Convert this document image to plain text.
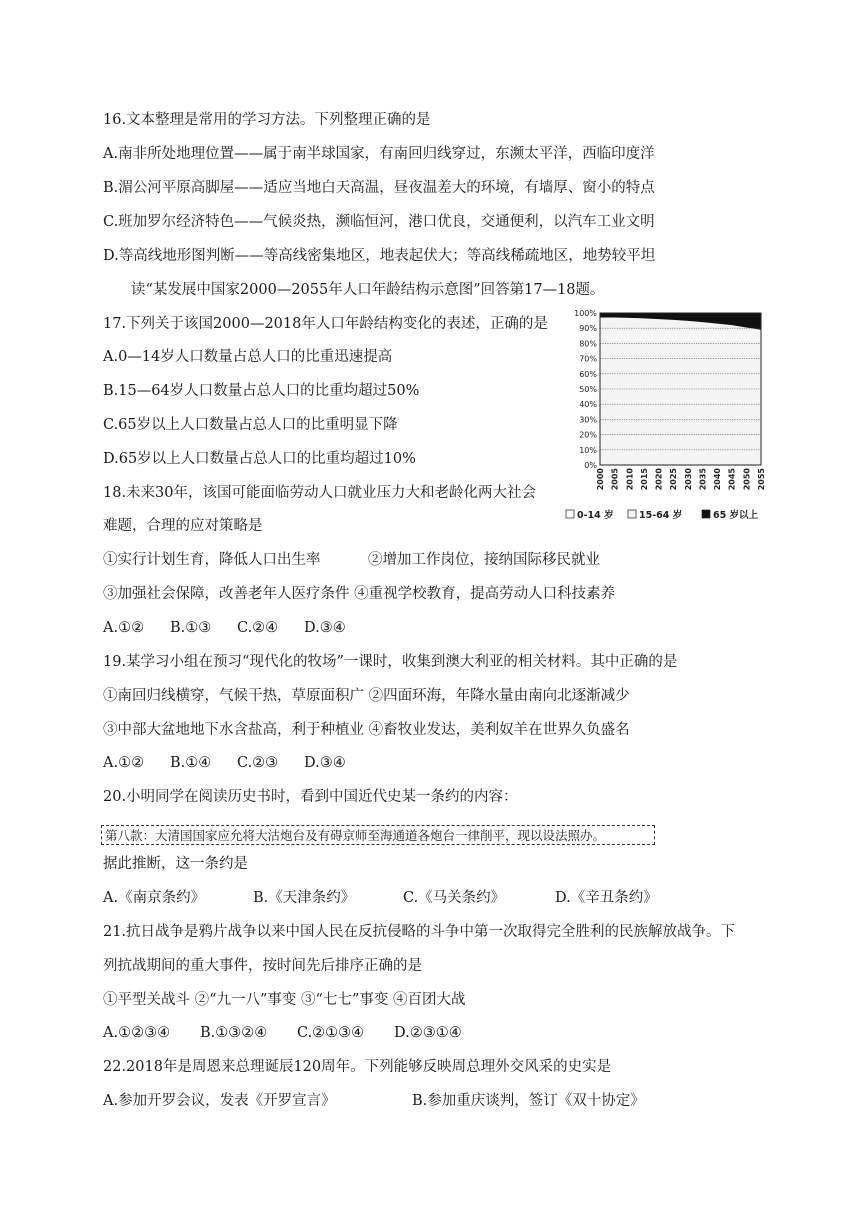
16.文本整理是常用的学习方法。下列整理正确的是
A.南非所处地理位置——属于南半球国家，有南回归线穿过，东濒太平洋，西临印度洋
B.湄公河平原高脚屋——适应当地白天高温，昼夜温差大的环境，有墙厚、窗小的特点
C.班加罗尔经济特色——气候炎热，濒临恒河，港口优良，交通便利，以汽车工业文明
D.等高线地形图判断——等高线密集地区，地表起伏大；等高线稀疏地区，地势较平坦
读“某发展中国家2000—2055年人口年龄结构示意图”回答第17—18题。
17.下列关于该国2000—2018年人口年龄结构变化的表述，正确的是
A.0—14岁人口数量占总人口的比重迅速提高
B.15—64岁人口数量占总人口的比重均超过50%
C.65岁以上人口数量占总人口的比重明显下降
D.65岁以上人口数量占总人口的比重均超过10%
18.未来30年，该国可能面临劳动人口就业压力大和老龄化两大社会
难题，合理的应对策略是
①实行计划生育，降低人口出生率	②增加工作岗位，接纳国际移民就业
③加强社会保障，改善老年人医疗条件 ④重视学校教育，提高劳动人口科技素养
A.①② B.①③ C.②④ D.③④
19.某学习小组在预习“现代化的牧场”一课时，收集到澳大利亚的相关材料。其中正确的是
①南回归线横穿，气候干热，草原面积广 ②四面环海，年降水量由南向北逐渐减少
③中部大盆地地下水含盐高，利于种植业 ④畜牧业发达，美利奴羊在世界久负盛名
A.①② B.①④ C.②③ D.③④
20.小明同学在阅读历史书时，看到中国近代史某一条约的内容：
第八款：大清国国家应允将大沽炮台及有碍京师至海通道各炮台一律削平，现以设法照办。
据此推断，这一条约是
A.《南京条约》	B.《天津条约》	C.《马关条约》	D.《辛丑条约》
21.抗日战争是鸦片战争以来中国人民在反抗侵略的斗争中第一次取得完全胜利的民族解放战争。下
列抗战期间的重大事件，按时间先后排序正确的是
①平型关战斗 ②“九一八”事变 ③“七七”事变 ④百团大战
A.①②③④ B.①③②④ C.②①③④ D.②③①④
22.2018年是周恩来总理诞辰120周年。下列能够反映周总理外交风采的史实是
A.参加开罗会议，发表《开罗宣言》	B.参加重庆谈判，签订《双十协定》
0%
10%
20%
30%
40%
50%
60%
70%
80%
90%
100%
2000 2005 2010 2015 2020 2025 2030 2035 2040 2045 2050 2055
0-14 岁	15-64 岁	65 岁以上
